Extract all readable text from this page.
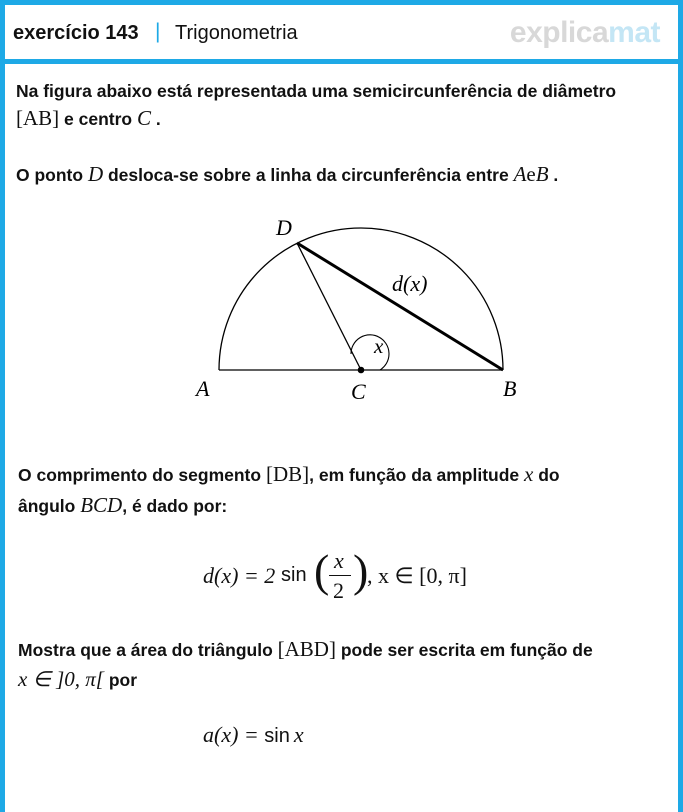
exercício 143 | Trigonometria	explicamat
Na figura abaixo está representada uma semicircunferência de diâmetro
[AB] e centro C .
O ponto D desloca-se sobre a linha da circunferência entre AeB .
A	B
C
D
x
d(x)
O comprimento do segmento [DB], em função da amplitude x do
ângulo BCD, é dado por:
d(x) = 2 sin ( x
2 )
, x ∈ [0, π]
Mostra que a área do triângulo [ABD] pode ser escrita em função de
x ∈ ]0, π[ por
a(x) = sin x
